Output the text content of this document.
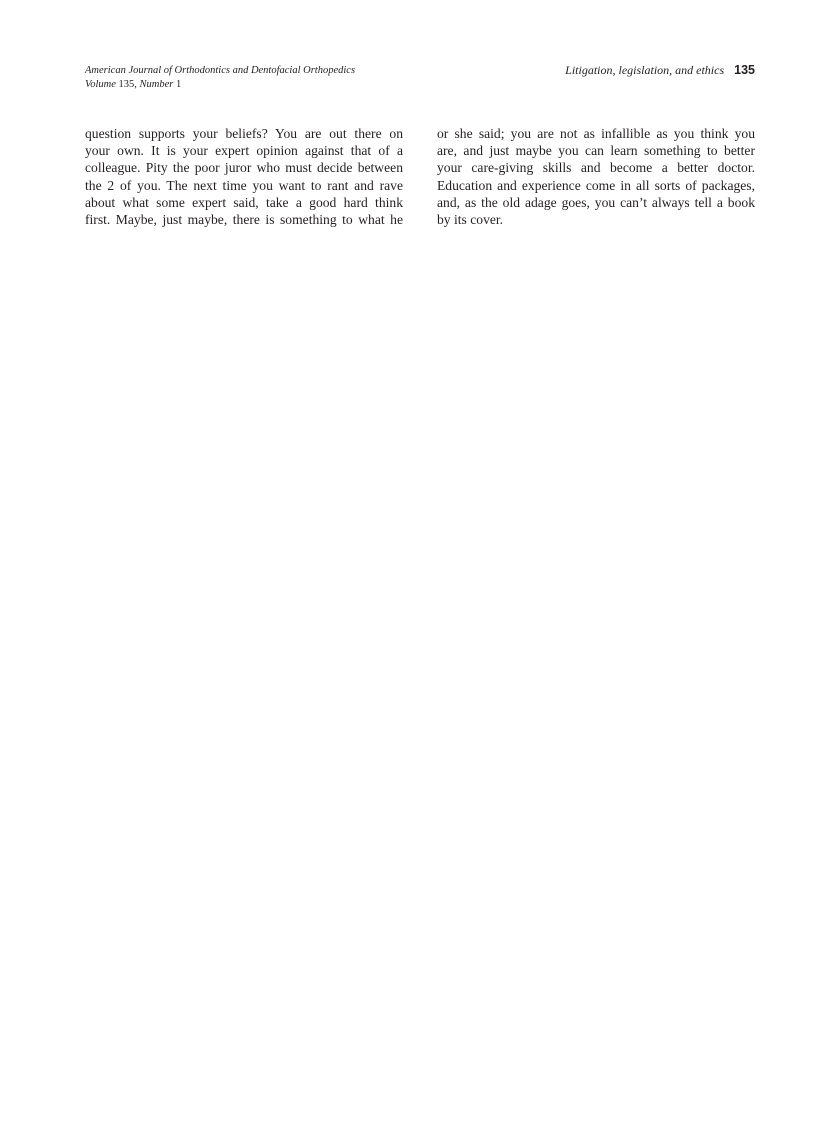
American Journal of Orthodontics and Dentofacial Orthopedics
Volume 135, Number 1
Litigation, legislation, and ethics 135
question supports your beliefs? You are out there on
your own. It is your expert opinion against that of a
colleague. Pity the poor juror who must decide between
the 2 of you. The next time you want to rant and rave
about what some expert said, take a good hard think
first. Maybe, just maybe, there is something to what he
or she said; you are not as infallible as you think you
are, and just maybe you can learn something to better
your care-giving skills and become a better doctor.
Education and experience come in all sorts of packages,
and, as the old adage goes, you can’t always tell a book
by its cover.
